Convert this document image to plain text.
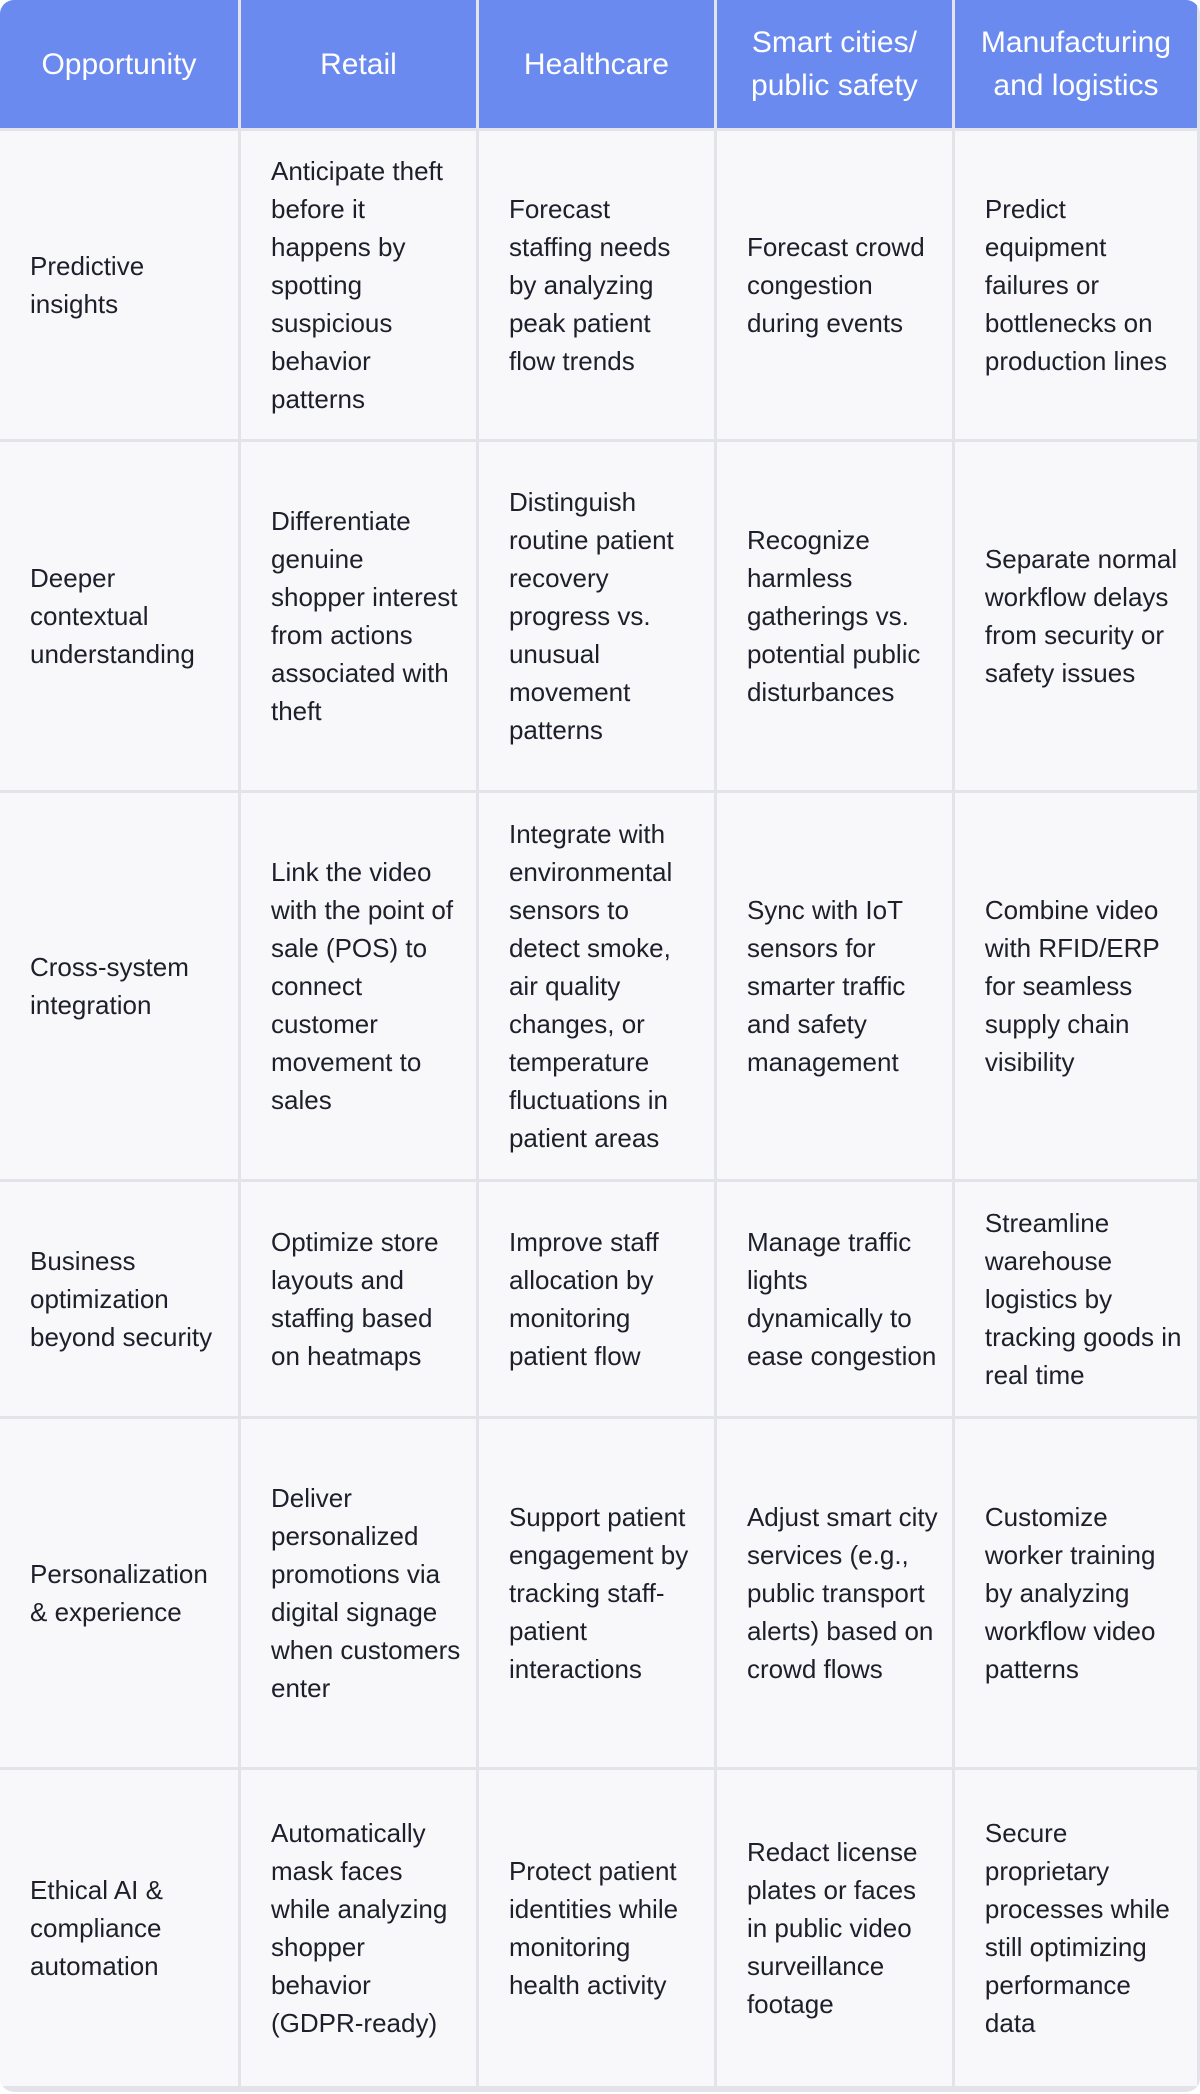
Opportunity	Retail	Healthcare	Smart cities/ public safety	Manufacturing and logistics
Predictive insights	Anticipate theft before it happens by spotting suspicious behavior patterns	Forecast staffing needs by analyzing peak patient flow trends	Forecast crowd congestion during events	Predict equipment failures or bottlenecks on production lines
Deeper contextual understanding	Differentiate genuine shopper interest from actions associated with theft	Distinguish routine patient recovery progress vs. unusual movement patterns	Recognize harmless gatherings vs. potential public disturbances	Separate normal workflow delays from security or safety issues
Cross-system integration	Link the video with the point of sale (POS) to connect customer movement to sales	Integrate with environmental sensors to detect smoke, air quality changes, or temperature fluctuations in patient areas	Sync with IoT sensors for smarter traffic and safety management	Combine video with RFID/ERP for seamless supply chain visibility
Business optimization beyond security	Optimize store layouts and staffing based on heatmaps	Improve staff allocation by monitoring patient flow	Manage traffic lights dynamically to ease congestion	Streamline warehouse logistics by tracking goods in real time
Personalization & experience	Deliver personalized promotions via digital signage when customers enter	Support patient engagement by tracking staff-patient interactions	Adjust smart city services (e.g., public transport alerts) based on crowd flows	Customize worker training by analyzing workflow video patterns
Ethical AI & compliance automation	Automatically mask faces while analyzing shopper behavior (GDPR-ready)	Protect patient identities while monitoring health activity	Redact license plates or faces in public video surveillance footage	Secure proprietary processes while still optimizing performance data
